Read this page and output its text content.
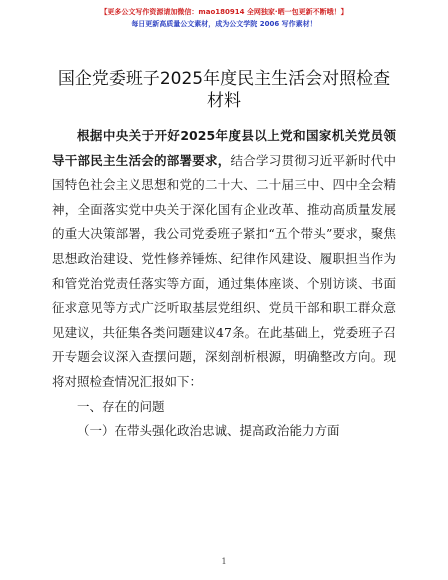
【更多公文写作资源请加微信：mao180914 全网独家·晒一包更新不断哦！】
每日更新高质量公文素材，成为公文学院 2006 写作素材！
国企党委班子2025年度民主生活会对照检查材料

根据中央关于开好2025年度县以上党和国家机关党员领导干部民主生活会的部署要求，结合学习贯彻习近平新时代中国特色社会主义思想和党的二十大、二十届三中、四中全会精神，全面落实党中央关于深化国有企业改革、推动高质量发展的重大决策部署，我公司党委班子紧扣“五个带头”要求，聚焦思想政治建设、党性修养锤炼、纪律作风建设、履职担当作为和管党治党责任落实等方面，通过集体座谈、个别访谈、书面征求意见等方式广泛听取基层党组织、党员干部和职工群众意见建议，共征集各类问题建议47条。在此基础上，党委班子召开专题会议深入查摆问题，深刻剖析根源，明确整改方向。现将对照检查情况汇报如下：

一、存在的问题

（一）在带头强化政治忠诚、提高政治能力方面

1
